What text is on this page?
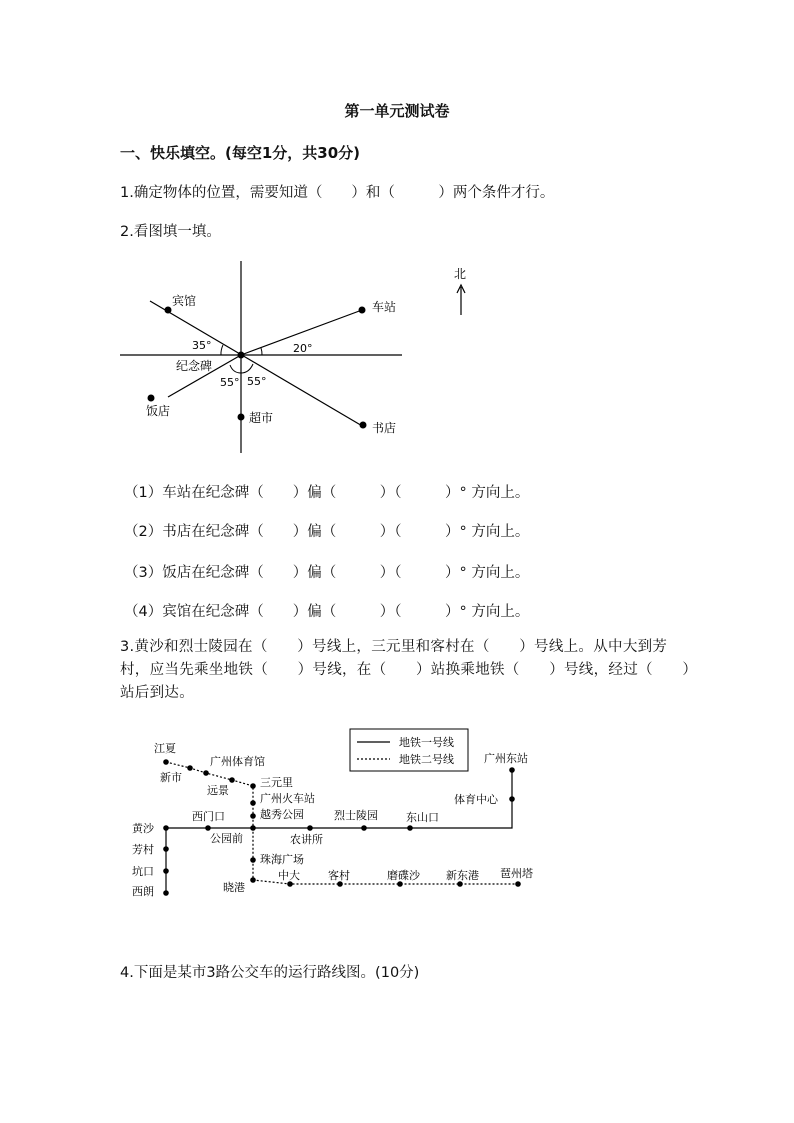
第一单元测试卷
一、快乐填空。(每空1分，共30分)
1.确定物体的位置，需要知道（　　）和（　　　）两个条件才行。
2.看图填一填。
宾馆	车站
饭店	超市
书店
纪念碑
35°	20°
55° 55°
北
（1）车站在纪念碑（　　）偏（　　　）（　　　）° 方向上。
（2）书店在纪念碑（　　）偏（　　　）（　　　）° 方向上。
（3）饭店在纪念碑（　　）偏（　　　）（　　　）° 方向上。
（4）宾馆在纪念碑（　　）偏（　　　）（　　　）° 方向上。
3.黄沙和烈士陵园在（　　）号线上，三元里和客村在（　　）号线上。从中大到芳村，应当先乘坐地铁（　　）号线，在（　　）站换乘地铁（　　）号线，经过（　　）站后到达。
地铁一号线
地铁二号线
江夏
新市
广州体育馆
远景
三元里
广州火车站
越秀公园
西门口
黄沙
芳村
坑口
西朗
公园前	农讲所
烈士陵园	东山口
体育中心
广州东站
珠海广场
晓港
中大	客村	磨碟沙 新东港 琶州塔
4.下面是某市3路公交车的运行路线图。(10分)
